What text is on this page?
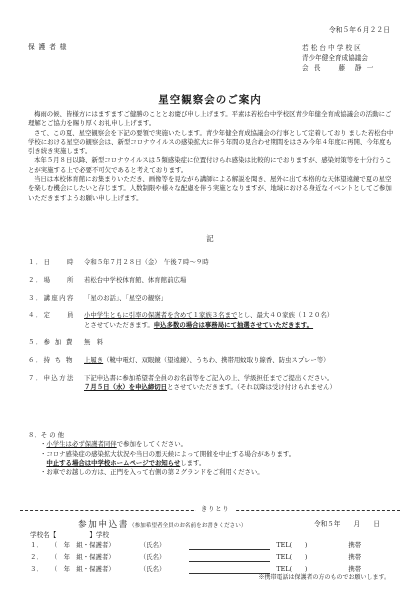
令和５年６月２２日
保 護 者 様	若 松 台 中 学 校 区
青少年健全育成協議会
会 長　　藤　静 一
星空観察会のご案内

梅雨の候、皆様方にはますますご健勝のこととお慶び申し上げます。平素は若松台中学校区青少年健全育成協議会の活動にご理解とご協力を賜り厚くお礼申し上げます。

さて、この夏、星空観察会を下記の要領で実施いたします。青少年健全育成協議会の行事として定着しており ました若松台中学校における星空の観察会は、新型コロナウイルスの感染拡大に伴う年間の見合わせ期間をはさみ今年４年度に再開、今年度も引き続き実施します。

本年５月８日以降、新型コロナウイルスは５類感染症に位置付けられ感染は比較的にでおりますが、感染対策等を十分行うことが実施する上で必要不可欠であると考えております。

当日は本校体育館にお集まりいただき、画像等を見ながら講師による解説を聞き、屋外に出て本格的な天体望遠鏡で夏の星空を楽しむ機会にしたいと存じます。人数制限や様々な配慮を伴う実施となりますが、地域における身近なイベントとしてご参加いただきますようお願い申し上げます。

記
１．日　　時	令和５年７月２８日（金）　午後７時～９時
２．場　　所	若松台中学校体育館、体育館前広場
３．講座内容	「星のお話」、「星空の観察」
４．定　　員	小中学生ともに引率の保護者を含めて１家族３名までとし、最大４０家族（１２０名）
とさせていただきます。申込多数の場合は事務局にて抽選させていただきます。
５．参 加 費	無　料
６．持 ち 物	上履き（靴中電灯、双眼鏡（望遠鏡）、うちわ、携帯用蚊取り線香、防虫スプレー等）
７．申込方法	下記申込書に参加希望者全員のお名前等をご記入の上、学級担任までご提出ください。
７月５日（水）を申込締切日とさせていただきます。（それ以降は受け付けられません）
８．そ の 他
・小学生は必ず保護者同伴で参加をしてください。
・コロナ感染症の感染拡大状況や当日の悪天候によって開催を中止する場合があります。
　中止する場合は中学校ホームページでお知らせします。
・お車でお越しの方は、正門を入って右側の第２グランドをご利用ください。
きりとり
参加申込書（参加希望者全員のお名前をお書きください）	令和５年　　月　　日
学校名【　　　　　】学校
１．	（　年　組・保護者）	（氏名）	TEL(　　)	携帯
２．	（　年　組・保護者）	（氏名）	TEL(　　)	携帯
３．	（　年　組・保護者）	（氏名）	TEL(　　)	携帯
※携帯電話は保護者の方のものでお願いします。
